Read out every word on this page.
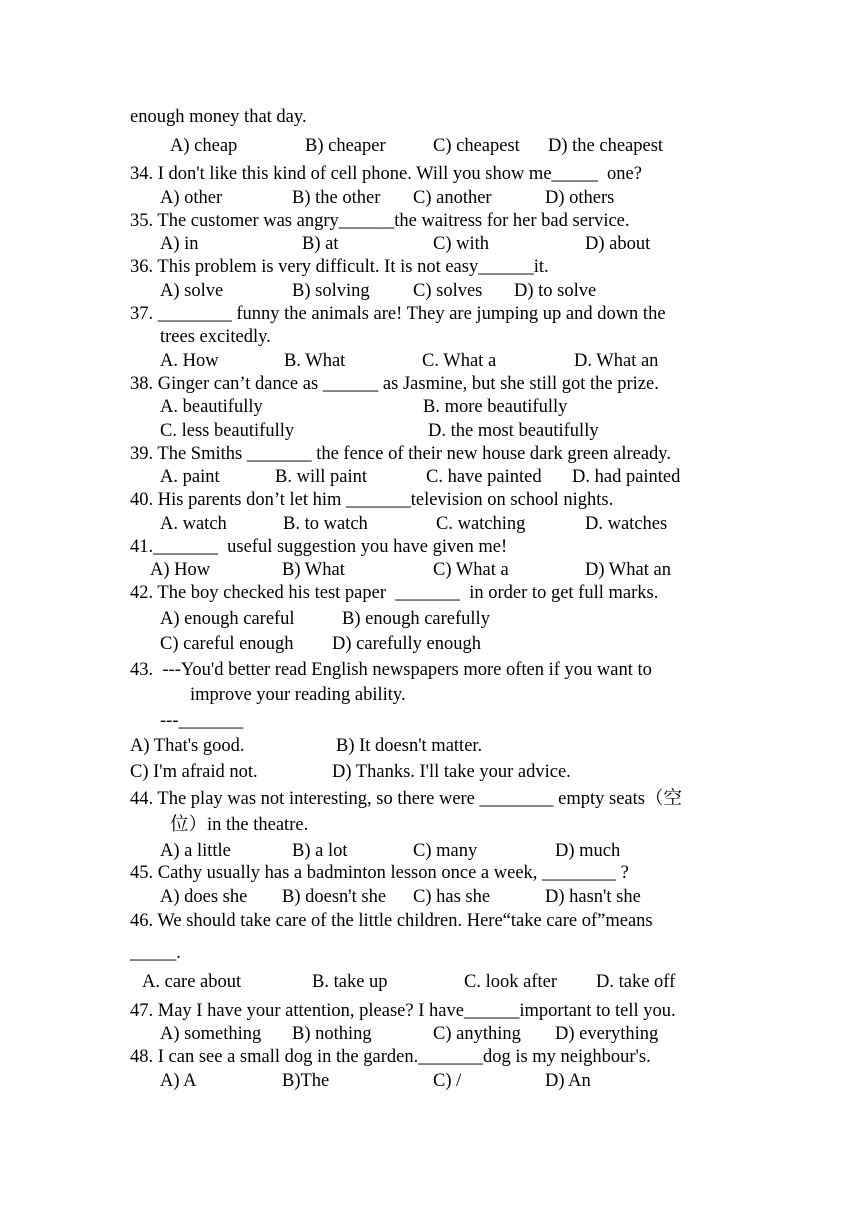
enough money that day.
A) cheap	B) cheaper	C) cheapest D) the cheapest
34. I don't like this kind of cell phone. Will you show me_____  one?
A) other	B) the other C) another	D) others
35. The customer was angry______the waitress for her bad service.
A) in	B) at	C) with	D) about
36. This problem is very difficult. It is not easy______it.
A) solve	B) solving C) solves D) to solve
37. ________ funny the animals are! They are jumping up and down the
trees excitedly.
A. How	B. What	C. What a	D. What an
38. Ginger can’t dance as ______ as Jasmine, but she still got the prize.
A. beautifully	B. more beautifully
C. less beautifully	D. the most beautifully
39. The Smiths _______ the fence of their new house dark green already.
A. paint	B. will paint	C. have painted D. had painted
40. His parents don’t let him _______television on school nights.
A. watch	B. to watch	C. watching	D. watches
41._______  useful suggestion you have given me!
A) How	B) What	C) What a	D) What an
42. The boy checked his test paper  _______  in order to get full marks.
A) enough careful	B) enough carefully
C) careful enough D) carefully enough
43.  ---You'd better read English newspapers more often if you want to
improve your reading ability.
---_______
A) That's good.	B) It doesn't matter.
C) I'm afraid not.	D) Thanks. I'll take your advice.
44. The play was not interesting, so there were ________ empty seats（空
位）in the theatre.
A) a little	B) a lot	C) many	D) much
45. Cathy usually has a badminton lesson once a week, ________ ?
A) does she B) doesn't she C) has she	D) hasn't she
46. We should take care of the little children. Here“take care of”means
_____.
A. care about	B. take up	C. look after D. take off
47. May I have your attention, please? I have______important to tell you.
A) something B) nothing	C) anything D) everything
48. I can see a small dog in the garden._______dog is my neighbour's.
A) A	B)The	C) /	D) An
